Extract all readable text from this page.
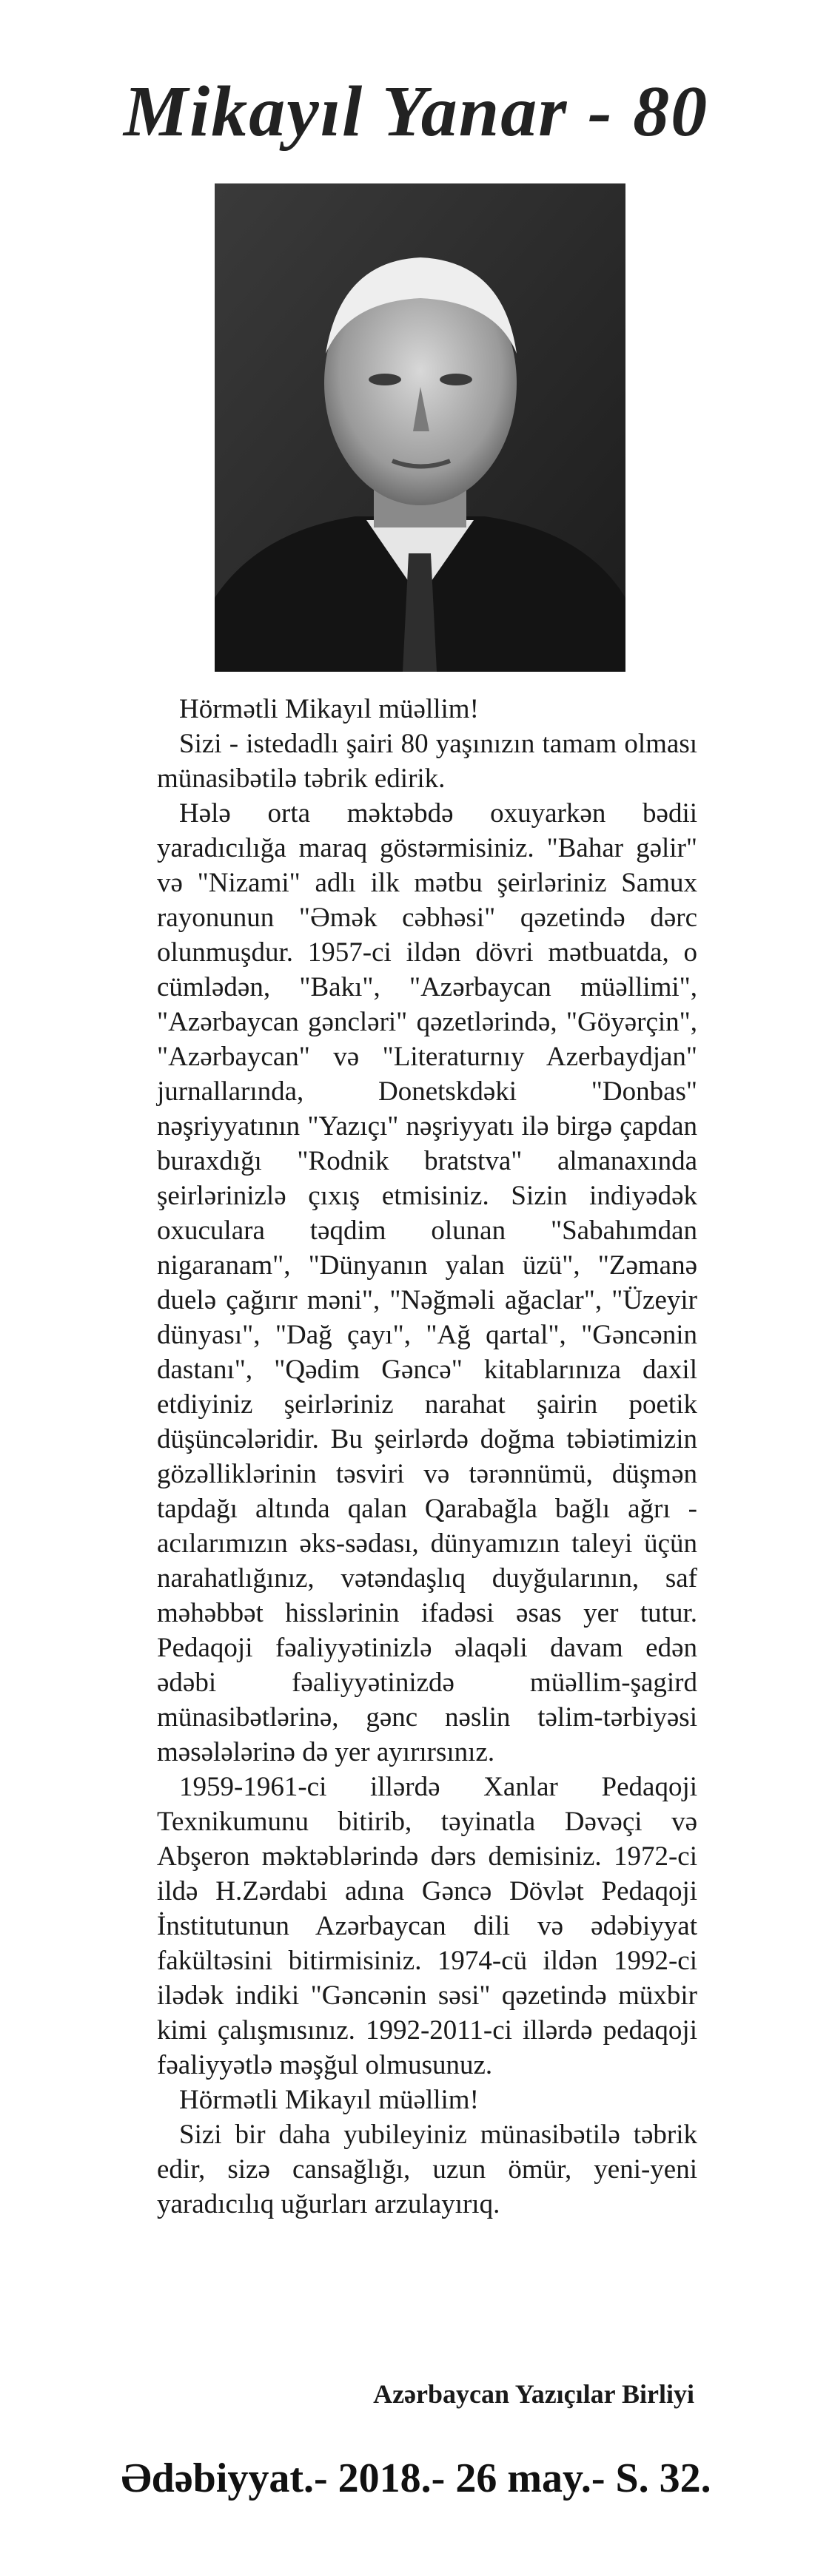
Mikayıl Yanar - 80

Hörmətli Mikayıl müəllim!

Sizi - istedadlı şairi 80 yaşınızın tamam olması münasibətilə təbrik edirik.

Hələ orta məktəbdə oxuyarkən bədii yaradıcılığa maraq göstərmisiniz. "Bahar gəlir" və "Nizami" adlı ilk mətbu şeirləriniz Samux rayonunun "Əmək cəbhəsi" qəzetində dərc olunmuşdur. 1957-ci ildən dövri mətbuatda, o cümlədən, "Bakı", "Azərbaycan müəllimi", "Azərbaycan gəncləri" qəzetlərində, "Göyərçin", "Azərbaycan" və "Literaturnıy Azerbaydjan" jurnallarında, Donetskdəki "Donbas" nəşriyyatının "Yazıçı" nəşriyyatı ilə birgə çapdan buraxdığı "Rodnik bratstva" almanaxında şeirlərinizlə çıxış etmisiniz. Sizin indiyədək oxuculara təqdim olunan "Sabahımdan nigaranam", "Dünyanın yalan üzü", "Zəmanə duelə çağırır məni", "Nəğməli ağaclar", "Üzeyir dünyası", "Dağ çayı", "Ağ qartal", "Gəncənin dastanı", "Qədim Gəncə" kitablarınıza daxil etdiyiniz şeirləriniz narahat şairin poetik düşüncələridir. Bu şeirlərdə doğma təbiətimizin gözəlliklərinin təsviri və tərənnümü, düşmən tapdağı altında qalan Qarabağla bağlı ağrı - acılarımızın əks-sədası, dünyamızın taleyi üçün narahatlığınız, vətəndaşlıq duyğularının, saf məhəbbət hisslərinin ifadəsi əsas yer tutur. Pedaqoji fəaliyyətinizlə əlaqəli davam edən ədəbi fəaliyyətinizdə müəllim-şagird münasibətlərinə, gənc nəslin təlim-tərbiyəsi məsələlərinə də yer ayırırsınız.

1959-1961-ci illərdə Xanlar Pedaqoji Texnikumunu bitirib, təyinatla Dəvəçi və Abşeron məktəblərində dərs demisiniz. 1972-ci ildə H.Zərdabi adına Gəncə Dövlət Pedaqoji İnstitutunun Azərbaycan dili və ədəbiyyat fakültəsini bitirmisiniz. 1974-cü ildən 1992-ci ilədək indiki "Gəncənin səsi" qəzetində müxbir kimi çalışmısınız. 1992-2011-ci illərdə pedaqoji fəaliyyətlə məşğul olmusunuz.

Hörmətli Mikayıl müəllim!

Sizi bir daha yubileyiniz münasibətilə təbrik edir, sizə cansağlığı, uzun ömür, yeni-yeni yaradıcılıq uğurları arzulayırıq.

Azərbaycan Yazıçılar Birliyi
Ədəbiyyat.- 2018.- 26 may.- S. 32.
